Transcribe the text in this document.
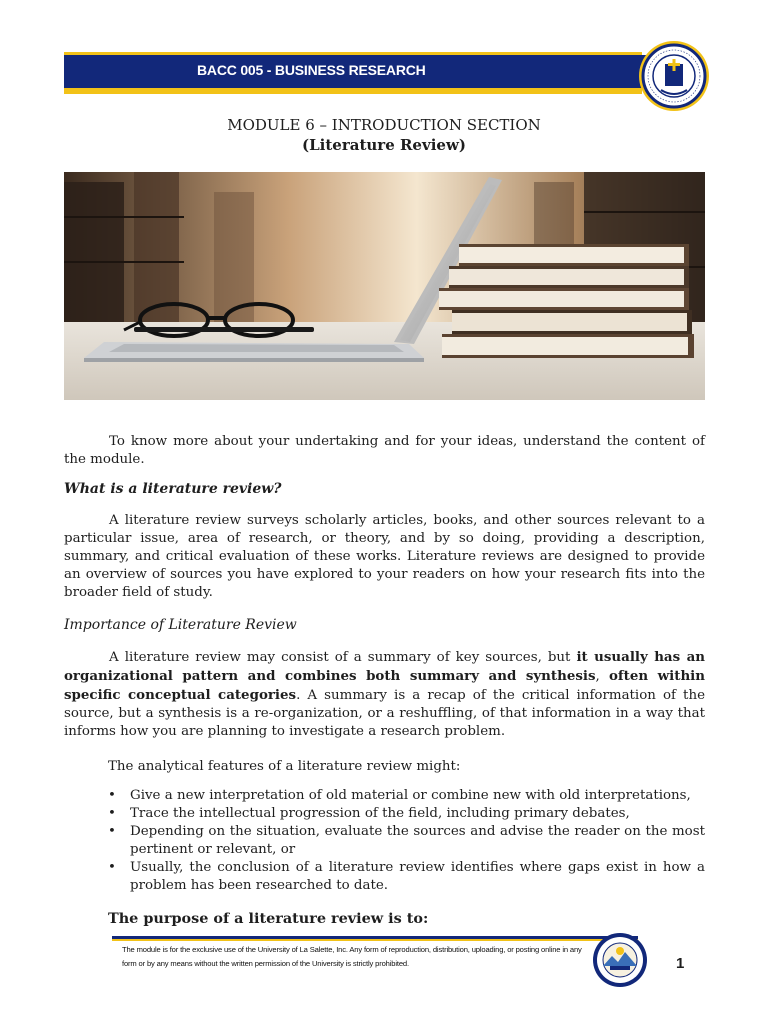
BACC 005 - BUSINESS RESEARCH
MODULE 6 – INTRODUCTION SECTION
(Literature Review)

To know more about your undertaking and for your ideas, understand the content of the module.

What is a literature review?

A literature review surveys scholarly articles, books, and other sources relevant to a particular issue, area of research, or theory, and by so doing, providing a description, summary, and critical evaluation of these works. Literature reviews are designed to provide an overview of sources you have explored to your readers on how your research fits into the broader field of study.

Importance of Literature Review

A literature review may consist of a summary of key sources, but it usually has an organizational pattern and combines both summary and synthesis, often within specific conceptual categories. A summary is a recap of the critical information of the source, but a synthesis is a re-organization, or a reshuffling, of that information in a way that informs how you are planning to investigate a research problem.

The analytical features of a literature review might:

• Give a new interpretation of old material or combine new with old interpretations,
• Trace the intellectual progression of the field, including primary debates,
• Depending on the situation, evaluate the sources and advise the reader on the most pertinent or relevant, or
• Usually, the conclusion of a literature review identifies where gaps exist in how a problem has been researched to date.

The purpose of a literature review is to:

The module is for the exclusive use of the University of La Salette, Inc. Any form of reproduction, distribution, uploading, or posting online in any form or by any means without the written permission of the University is strictly prohibited.	1
